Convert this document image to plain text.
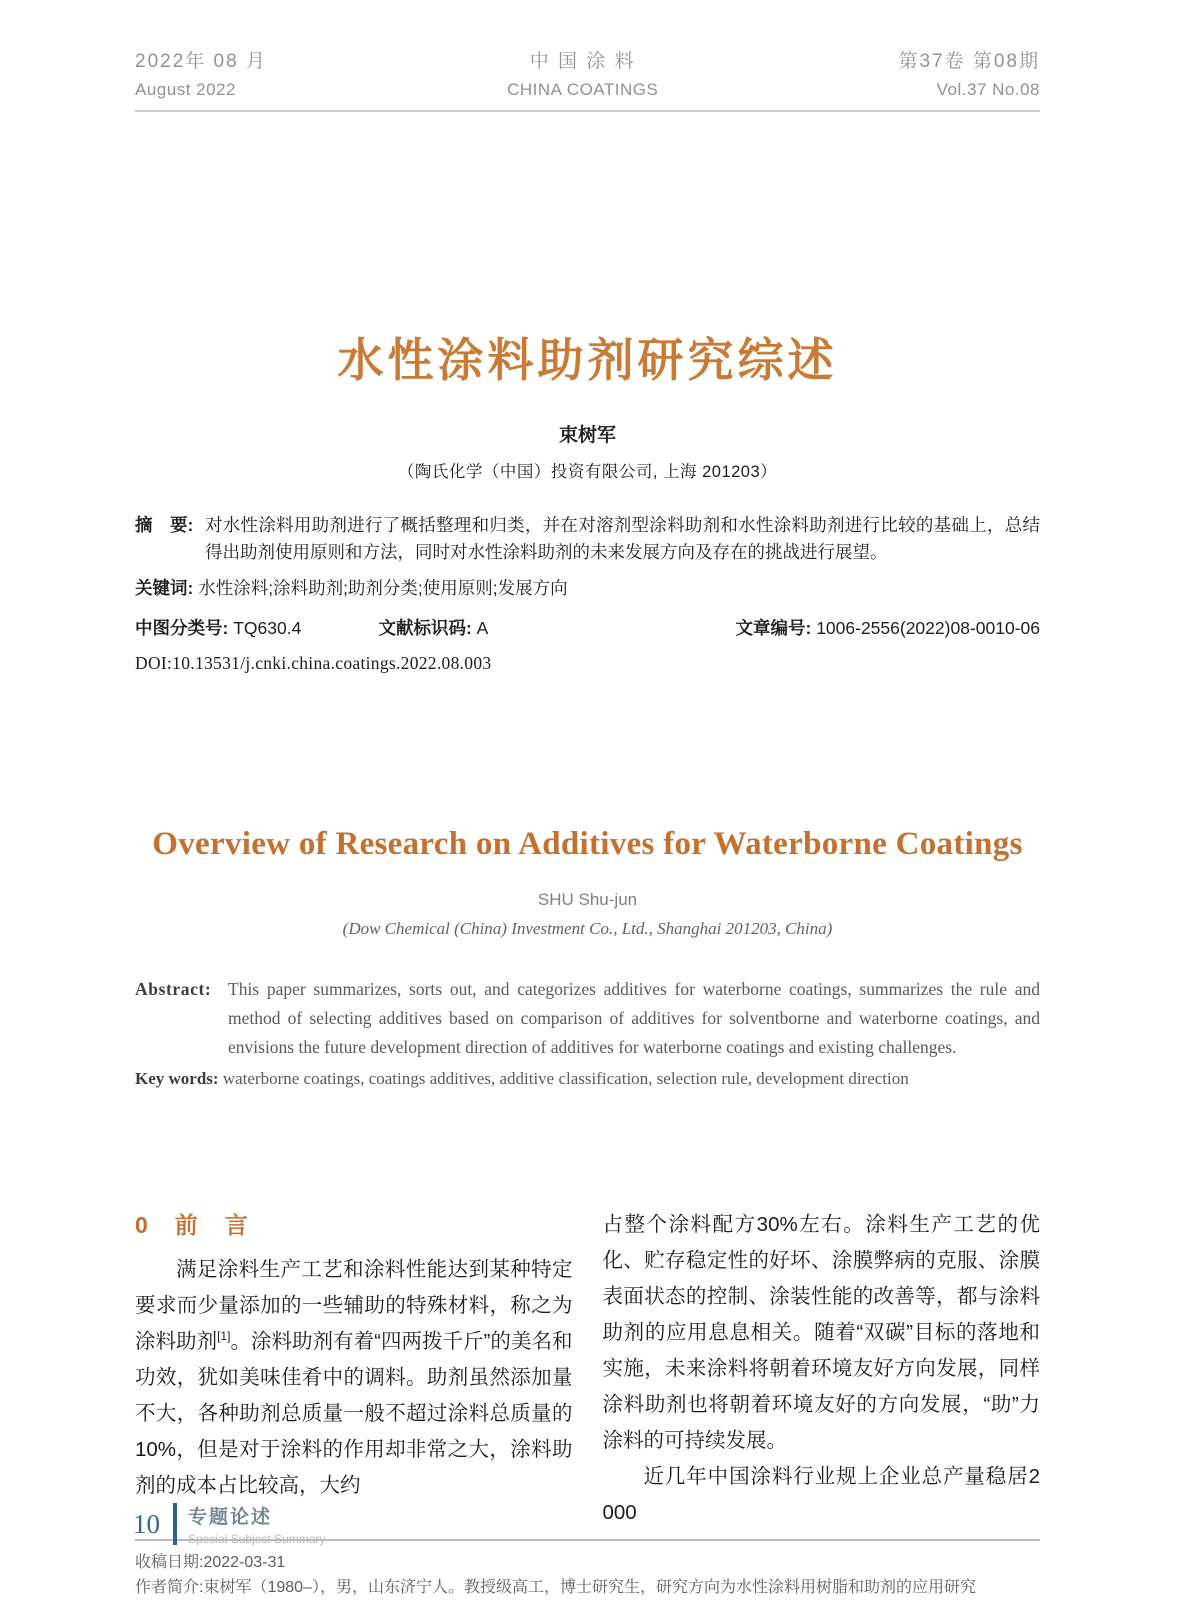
2022年 08 月
August 2022
中 国 涂 料
CHINA COATINGS
第37卷 第08期
Vol.37 No.08
水性涂料助剂研究综述
束树军
（陶氏化学（中国）投资有限公司, 上海 201203）
摘　要: 对水性涂料用助剂进行了概括整理和归类，并在对溶剂型涂料助剂和水性涂料助剂进行比较的基础上，总结得出助剂使用原则和方法，同时对水性涂料助剂的未来发展方向及存在的挑战进行展望。
关键词: 水性涂料;涂料助剂;助剂分类;使用原则;发展方向
中图分类号: TQ630.4	文献标识码: A	文章编号: 1006-2556(2022)08-0010-06
DOI:10.13531/j.cnki.china.coatings.2022.08.003
Overview of Research on Additives for Waterborne Coatings
SHU Shu-jun
(Dow Chemical (China) Investment Co., Ltd., Shanghai 201203, China)
Abstract: This paper summarizes, sorts out, and categorizes additives for waterborne coatings, summarizes the rule and method of selecting additives based on comparison of additives for solventborne and waterborne coatings, and envisions the future development direction of additives for waterborne coatings and existing challenges.
Key words: waterborne coatings, coatings additives, additive classification, selection rule, development direction
0　前　言

满足涂料生产工艺和涂料性能达到某种特定要求而少量添加的一些辅助的特殊材料，称之为涂料助剂[1]。涂料助剂有着“四两拨千斤”的美名和功效，犹如美味佳肴中的调料。助剂虽然添加量不大，各种助剂总质量一般不超过涂料总质量的10%，但是对于涂料的作用却非常之大，涂料助剂的成本占比较高，大约

占整个涂料配方30%左右。涂料生产工艺的优化、贮存稳定性的好坏、涂膜弊病的克服、涂膜表面状态的控制、涂装性能的改善等，都与涂料助剂的应用息息相关。随着“双碳”目标的落地和实施，未来涂料将朝着环境友好方向发展，同样涂料助剂也将朝着环境友好的方向发展，“助”力涂料的可持续发展。

近几年中国涂料行业规上企业总产量稳居2 000

收稿日期:2022-03-31
作者简介:束树军（1980–），男，山东济宁人。教授级高工，博士研究生，研究方向为水性涂料用树脂和助剂的应用研究
10 专题论述
Special Subject Summary
